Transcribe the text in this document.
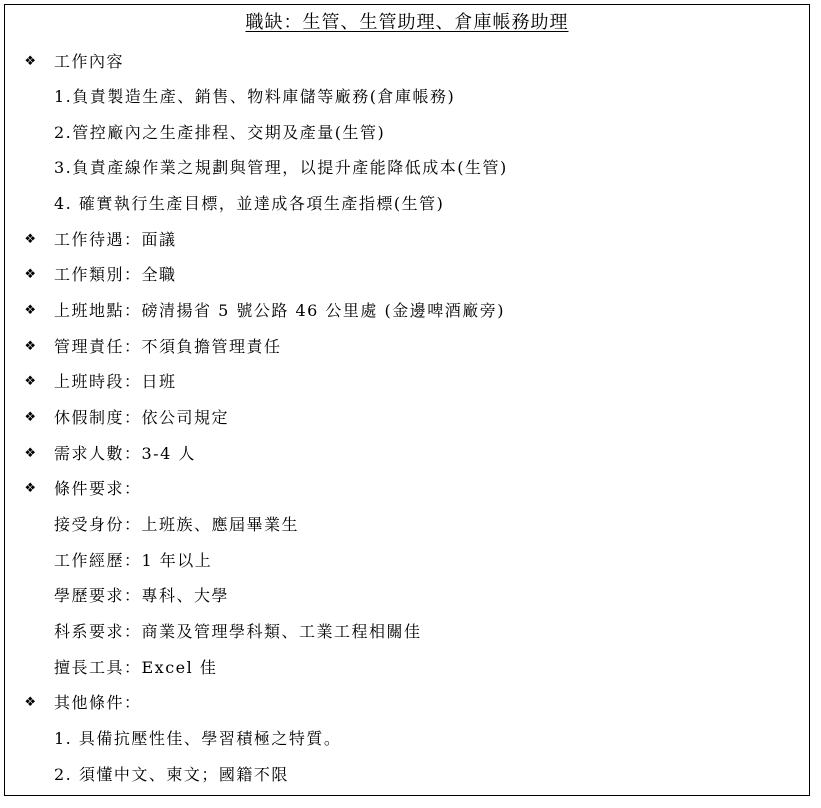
職缺：生管、生管助理、倉庫帳務助理
❖ 工作內容
1.負責製造生產、銷售、物料庫儲等廠務(倉庫帳務)
2.管控廠內之生產排程、交期及產量(生管)
3.負責產線作業之規劃與管理，以提升產能降低成本(生管)
4. 確實執行生產目標，並達成各項生產指標(生管)
❖ 工作待遇：面議
❖ 工作類別：全職
❖ 上班地點：磅清揚省 5 號公路 46 公里處 (金邊啤酒廠旁)
❖ 管理責任：不須負擔管理責任
❖ 上班時段：日班
❖ 休假制度：依公司規定
❖ 需求人數：3-4 人
❖ 條件要求：
接受身份：上班族、應屆畢業生
工作經歷：1 年以上
學歷要求：專科、大學
科系要求：商業及管理學科類、工業工程相關佳
擅長工具：Excel 佳
❖ 其他條件：
1. 具備抗壓性佳、學習積極之特質。
2. 須懂中文、柬文；國籍不限
